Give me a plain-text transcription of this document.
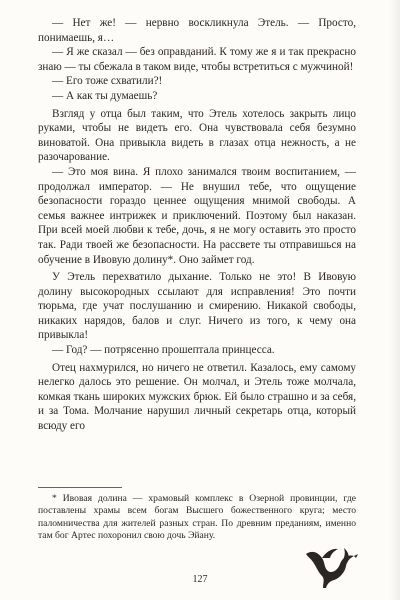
— Нет же! — нервно воскликнула Этель. — Просто, понимаешь, я…

— Я же сказал — без оправданий. К тому же я и так прекрасно знаю — ты сбежала в таком виде, чтобы встретиться с мужчиной!

— Его тоже схватили?!

— А как ты думаешь?

Взгляд у отца был таким, что Этель хотелось закрыть лицо руками, чтобы не видеть его. Она чувствовала себя безумно виноватой. Она привыкла видеть в глазах отца нежность, а не разочарование.

— Это моя вина. Я плохо занимался твоим воспитанием, — продолжал император. — Не внушил тебе, что ощущение безопасности гораздо ценнее ощущения мнимой свободы. А семья важнее интрижек и приключений. Поэтому был наказан. При всей моей любви к тебе, дочь, я не могу оставить это просто так. Ради твоей же безопасности. На рассвете ты отправишься на обучение в Ивовую долину*. Оно займет год.

У Этель перехватило дыхание. Только не это! В Ивовую долину высокородных ссылают для исправления! Это почти тюрьма, где учат послушанию и смирению. Никакой свободы, никаких нарядов, балов и слуг. Ничего из того, к чему она привыкла!

— Год? — потрясенно прошептала принцесса.

Отец нахмурился, но ничего не ответил. Казалось, ему самому нелегко далось это решение. Он молчал, и Этель тоже молчала, комкая ткань широких мужских брюк. Ей было страшно и за себя, и за Тома. Молчание нарушил личный секретарь отца, который всюду его

* Ивовая долина — храмовый комплекс в Озерной провинции, где поставлены храмы всем богам Высшего божественного круга; место паломничества для жителей разных стран. По древним преданиям, именно там бог Артес похоронил свою дочь Эйану.

127
